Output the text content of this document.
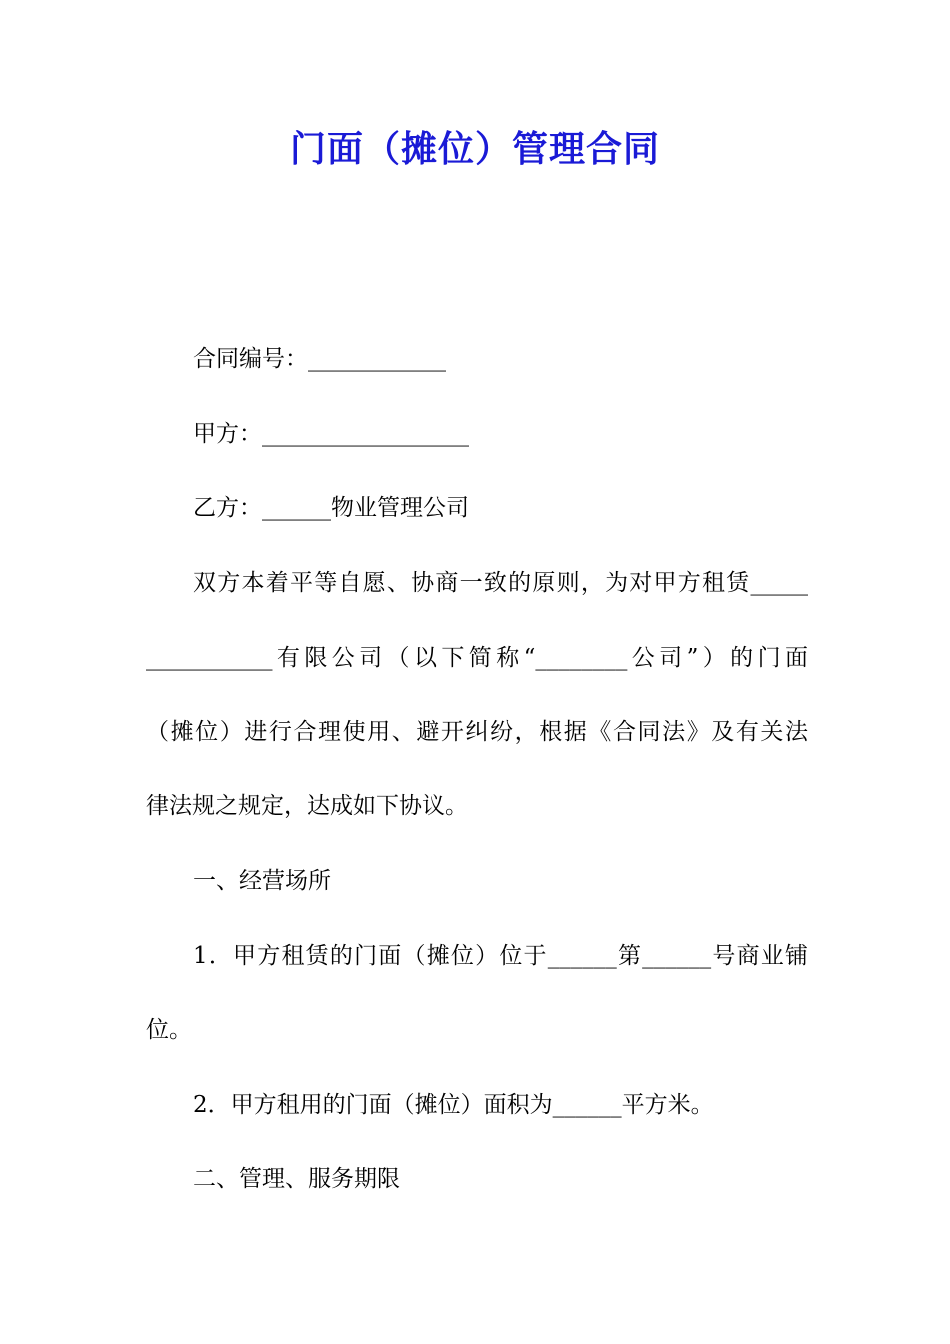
门面（摊位）管理合同

合同编号：____________

甲方：__________________

乙方：______物业管理公司

双方本着平等自愿、协商一致的原则，为对甲方租赁_____

___________有限公司（以下简称“________公司”）的门面

（摊位）进行合理使用、避开纠纷，根据《合同法》及有关法

律法规之规定，达成如下协议。

一、经营场所

1．甲方租赁的门面（摊位）位于______第______号商业铺

位。

2．甲方租用的门面（摊位）面积为______平方米。

二、管理、服务期限
